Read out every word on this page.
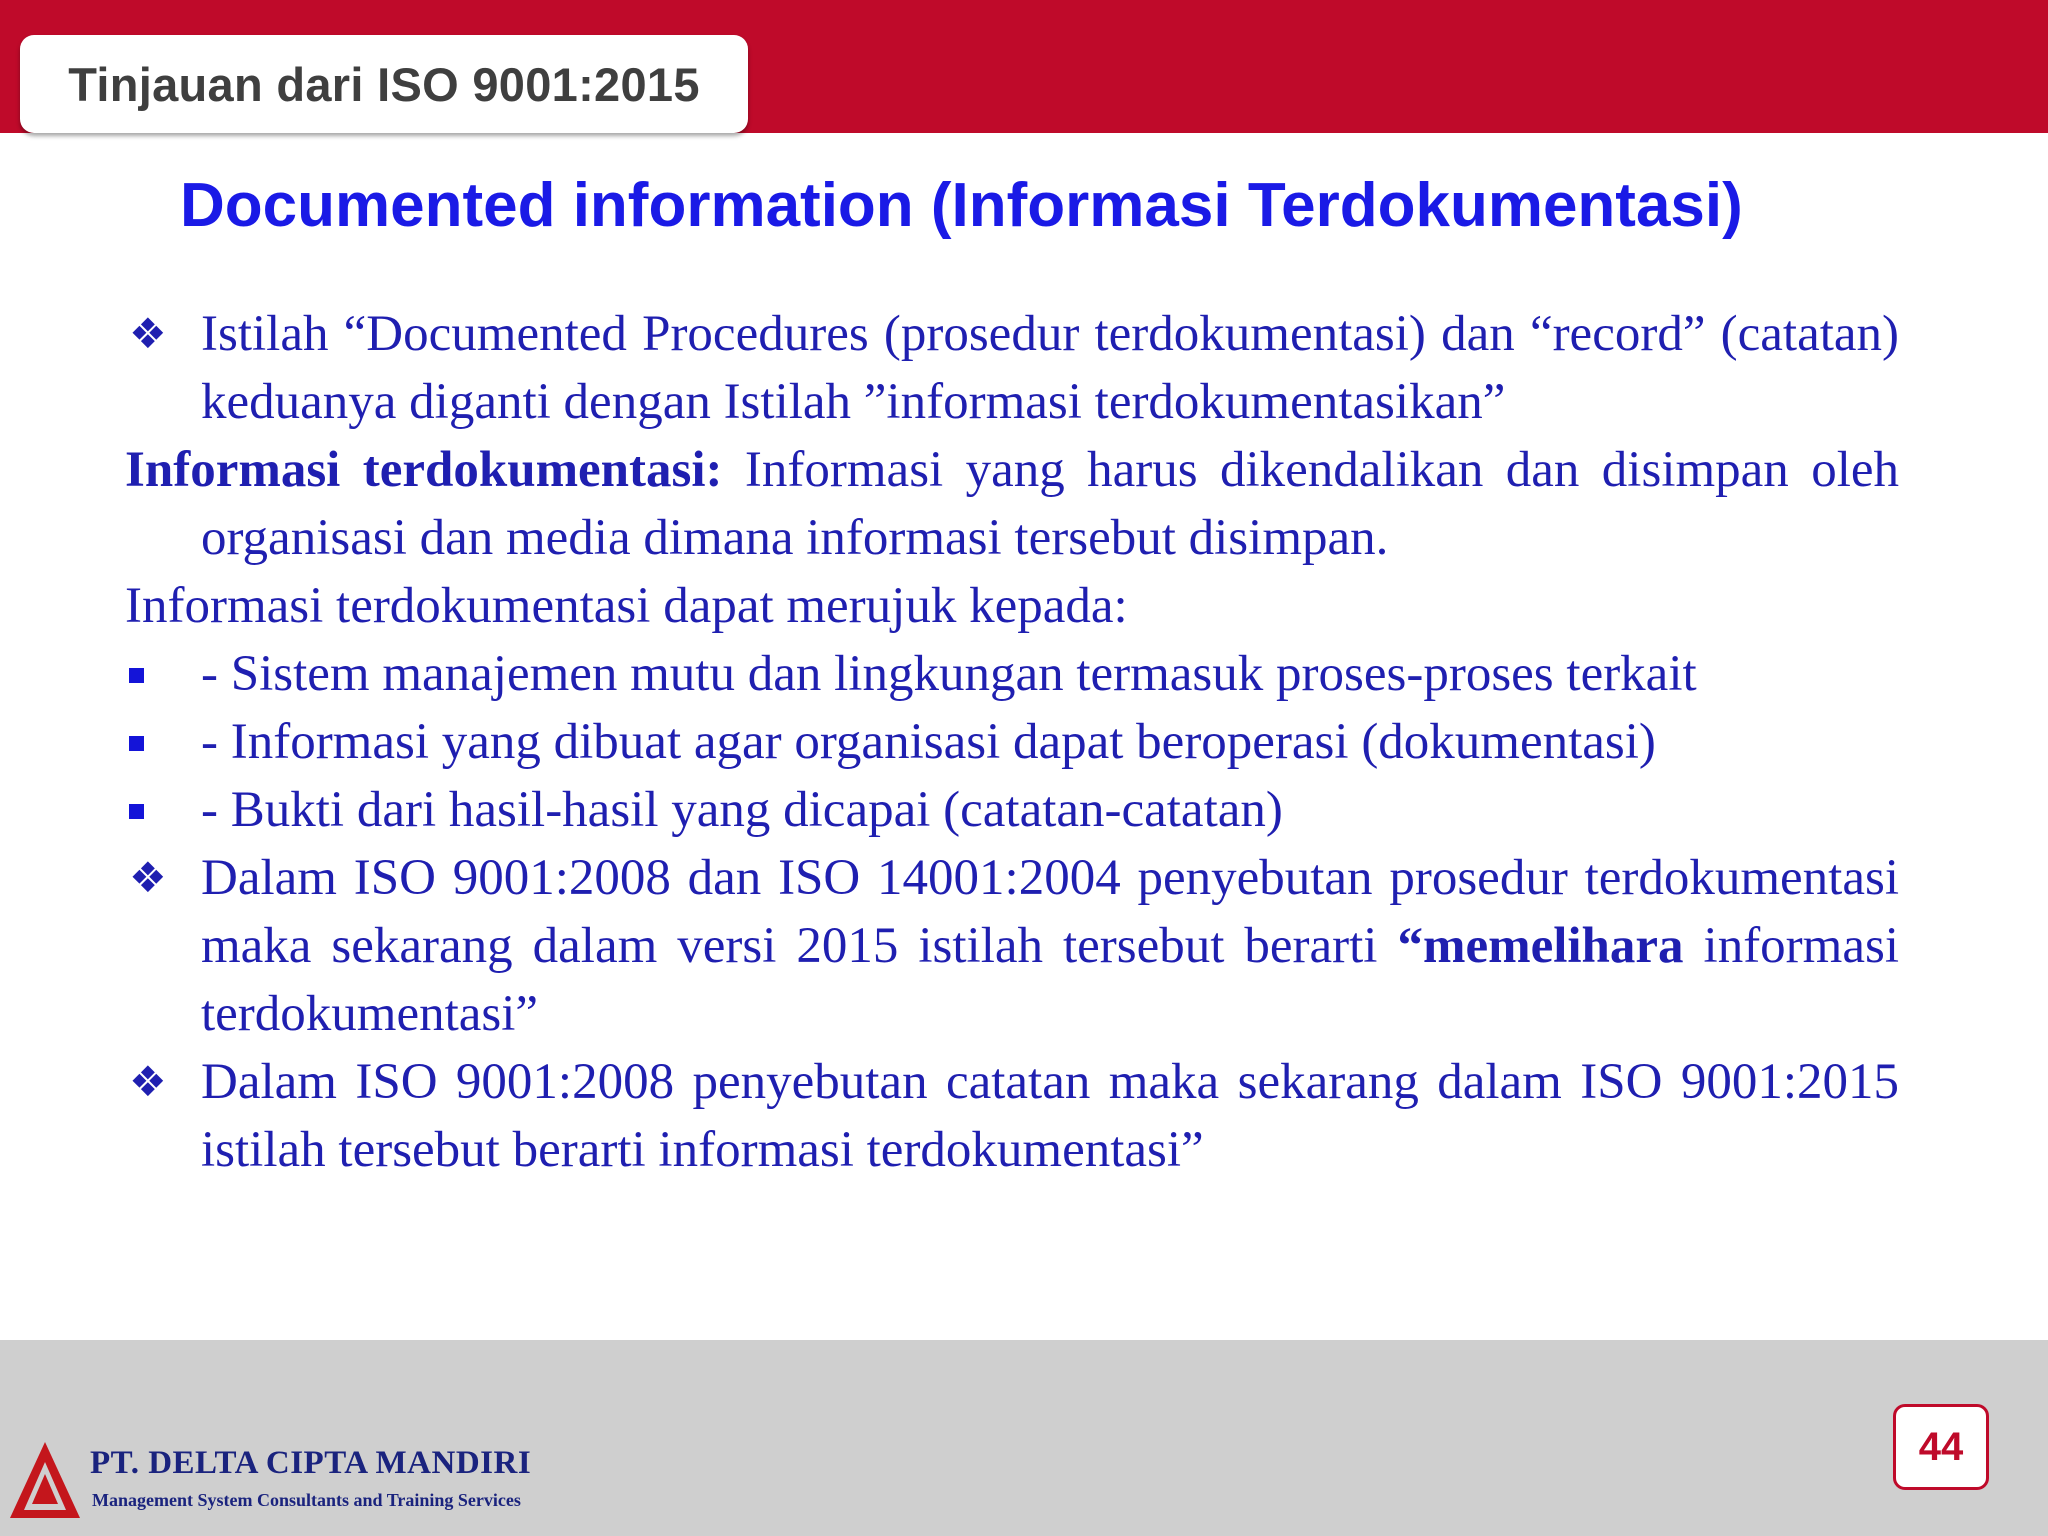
Tinjauan dari ISO 9001:2015
Documented information (Informasi Terdokumentasi)
❖ Istilah “Documented Procedures (prosedur terdokumentasi) dan “record” (catatan) keduanya diganti dengan Istilah ”informasi terdokumentasikan”
Informasi terdokumentasi: Informasi yang harus dikendalikan dan disimpan oleh organisasi dan media dimana informasi tersebut disimpan.
Informasi terdokumentasi dapat merujuk kepada:
- Sistem manajemen mutu dan lingkungan termasuk proses-proses terkait
- Informasi yang dibuat agar organisasi dapat beroperasi (dokumentasi)
- Bukti dari hasil-hasil yang dicapai (catatan-catatan)
❖ Dalam ISO 9001:2008 dan ISO 14001:2004 penyebutan prosedur terdokumentasi maka sekarang dalam versi 2015 istilah tersebut berarti “memelihara informasi terdokumentasi”
❖ Dalam ISO 9001:2008 penyebutan catatan maka sekarang dalam ISO 9001:2015 istilah tersebut berarti informasi terdokumentasi”
PT. DELTA CIPTA MANDIRI
Management System Consultants and Training Services
44
